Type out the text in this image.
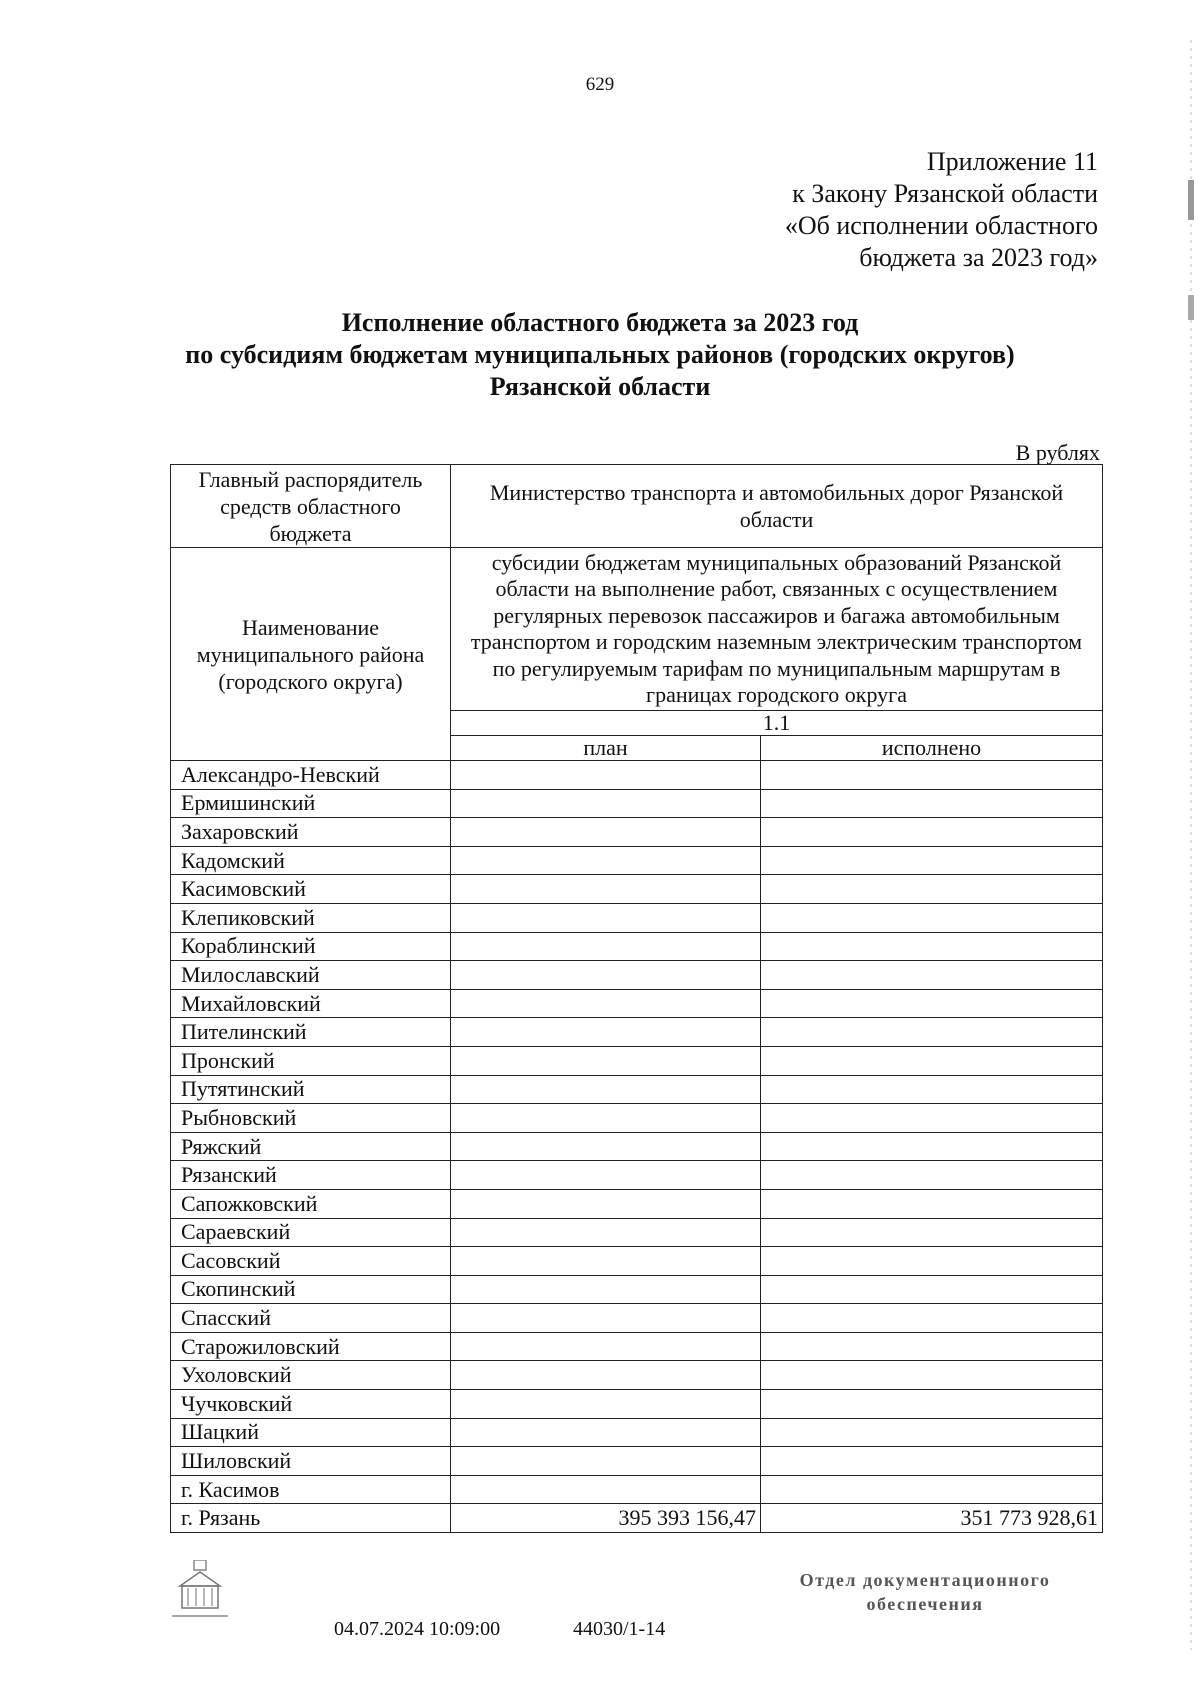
629
Приложение 11
к Закону Рязанской области
«Об исполнении областного
бюджета за 2023 год»
Исполнение областного бюджета за 2023 год
по субсидиям бюджетам муниципальных районов (городских округов)
Рязанской области
В рублях
Главный распорядитель средств областного бюджета	Министерство транспорта и автомобильных дорог Рязанской области	
Наименование муниципального района (городского округа)	субсидии бюджетам муниципальных образований Рязанской области на выполнение работ, связанных с осуществлением регулярных перевозок пассажиров и багажа автомобильным транспортом и городским наземным электрическим транспортом по регулируемым тарифам по муниципальным маршрутам в границах городского округа	
	1.1	
	план	исполнено
Александро-Невский		
Ермишинский		
Захаровский		
Кадомский		
Касимовский		
Клепиковский		
Кораблинский		
Милославский		
Михайловский		
Пителинский		
Пронский		
Путятинский		
Рыбновский		
Ряжский		
Рязанский		
Сапожковский		
Сараевский		
Сасовский		
Скопинский		
Спасский		
Старожиловский		
Ухоловский		
Чучковский		
Шацкий		
Шиловский		
г. Касимов		
г. Рязань	395 393 156,47	351 773 928,61
Отдел документационного
обеспечения
04.07.2024 10:09:00	44030/1-14
